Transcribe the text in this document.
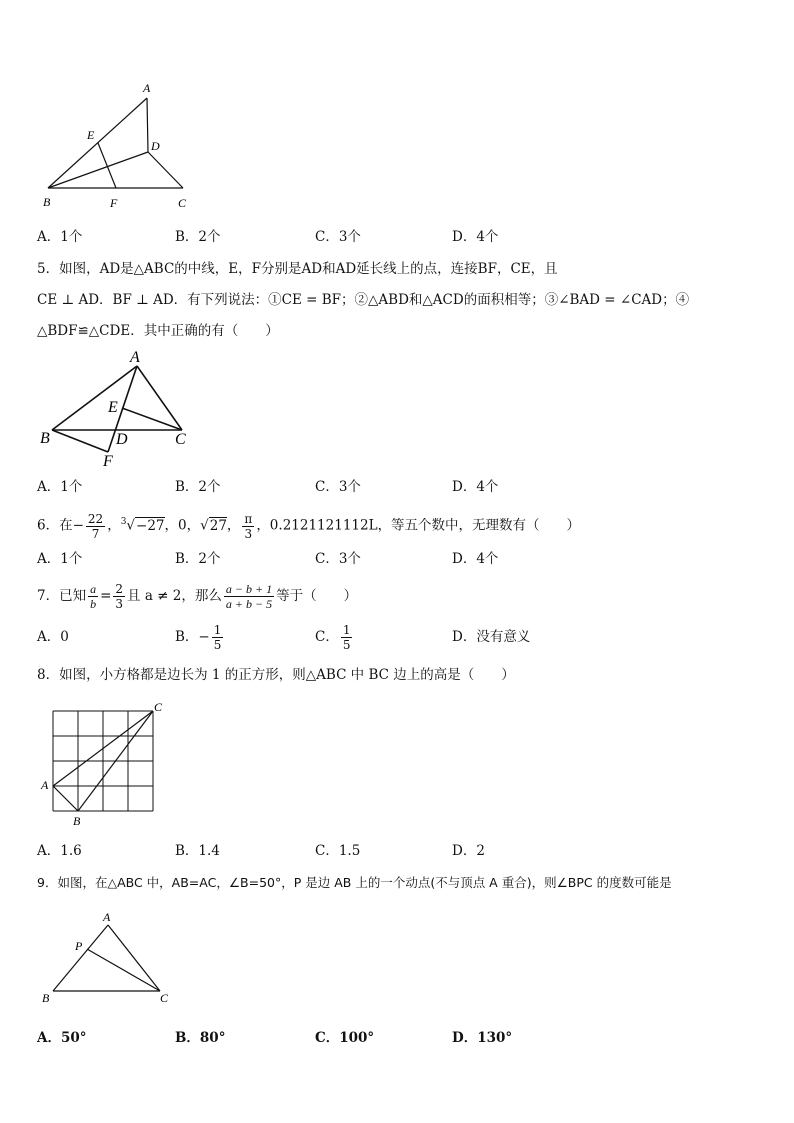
A
E
D
B	F	C
A．1个	B．2个	C．3个	D．4个
5．如图，AD是△ABC的中线，E，F分别是AD和AD延长线上的点，连接BF，CE，且
CE ⊥ AD．BF ⊥ AD．有下列说法：①CE = BF；②△ABD和△ACD的面积相等；③∠BAD = ∠CAD；④
△BDF≌△CDE．其中正确的有（　　）
A
E
D
B	C
F
A．1个	B．2个	C．3个	D．4个
6．在− $\frac{22}{7}$ ，$^3$√−27，0，√27， $\frac{\pi}{3}$ ，0.2121121112L，等五个数中，无理数有（　　）
A．1个	B．2个	C．3个	D．4个
7．已知 $\frac{a}{b} = \frac{2}{3}$ 且 a ≠ 2，那么 $\frac{a - b + 1}{a + b - 5}$ 等于（　　）
A．0	B．− $\frac{1}{5}$	C． $\frac{1}{5}$	D．没有意义
8．如图，小方格都是边长为 1 的正方形，则△ABC 中 BC 边上的高是（　　）
C
A
B
A．1.6	B．1.4	C．1.5	D．2
9．如图，在△ABC 中，AB=AC，∠B=50°，P 是边 AB 上的一个动点(不与顶点 A 重合)，则∠BPC 的度数可能是
A
P
B	C
A．50°	B．80°	C．100°	D．130°
